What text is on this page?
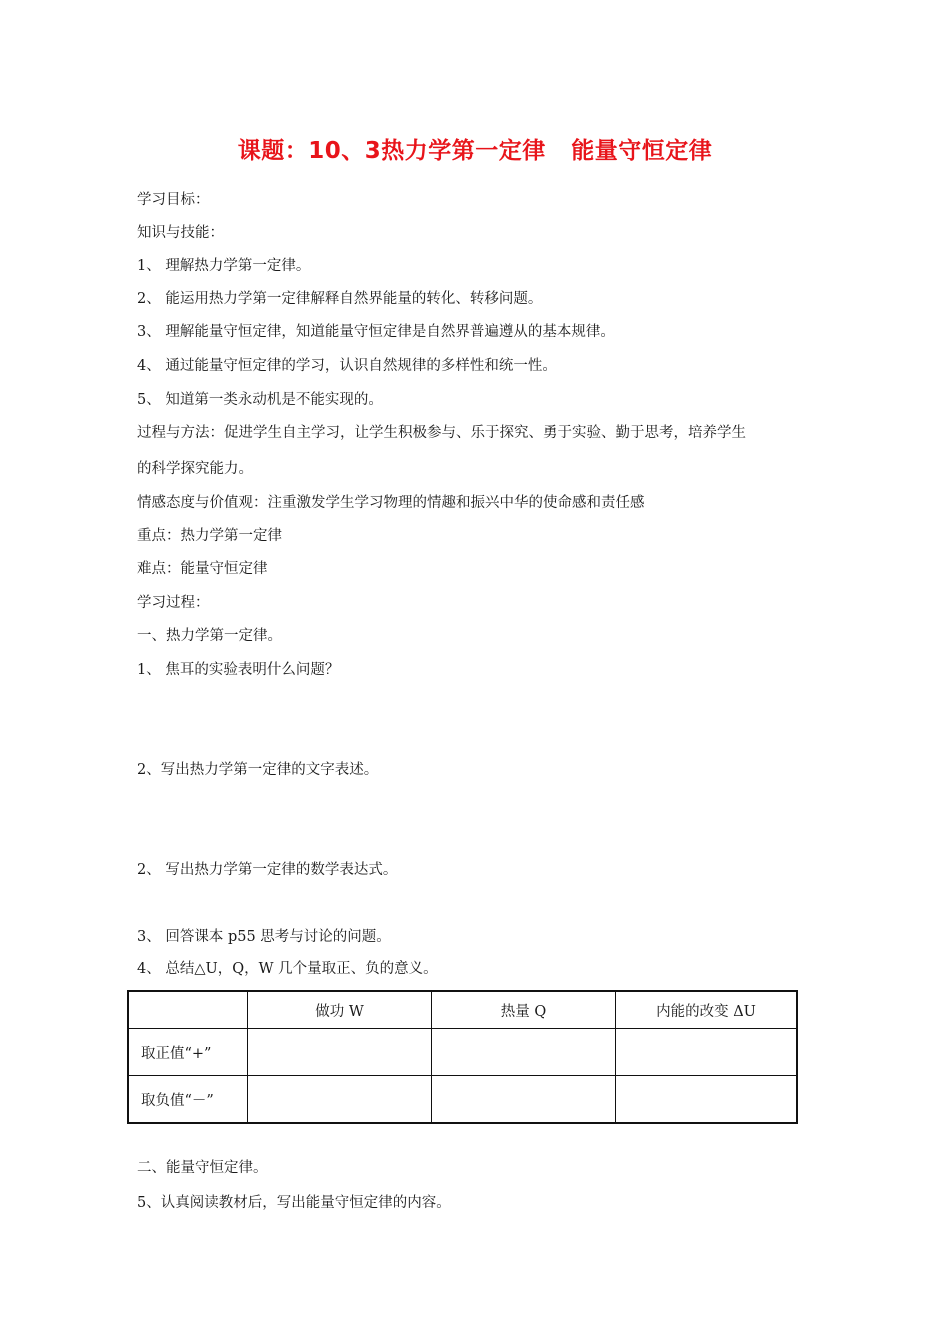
课题：10、3热力学第一定律   能量守恒定律
学习目标：
知识与技能：
1、 理解热力学第一定律。
2、 能运用热力学第一定律解释自然界能量的转化、转移问题。
3、 理解能量守恒定律，知道能量守恒定律是自然界普遍遵从的基本规律。
4、 通过能量守恒定律的学习，认识自然规律的多样性和统一性。
5、 知道第一类永动机是不能实现的。
过程与方法：促进学生自主学习，让学生积极参与、乐于探究、勇于实验、勤于思考，培养学生
的科学探究能力。
情感态度与价值观：注重激发学生学习物理的情趣和振兴中华的使命感和责任感
重点：热力学第一定律
难点：能量守恒定律
学习过程：
一、热力学第一定律。
1、 焦耳的实验表明什么问题？
2、写出热力学第一定律的文字表述。
2、 写出热力学第一定律的数学表达式。
3、 回答课本 p55 思考与讨论的问题。
4、 总结△U，Q，W 几个量取正、负的意义。
	做功 W	热量 Q	内能的改变 ΔU
取正值“+”			
取负值“－”			
二、能量守恒定律。
5、认真阅读教材后，写出能量守恒定律的内容。
